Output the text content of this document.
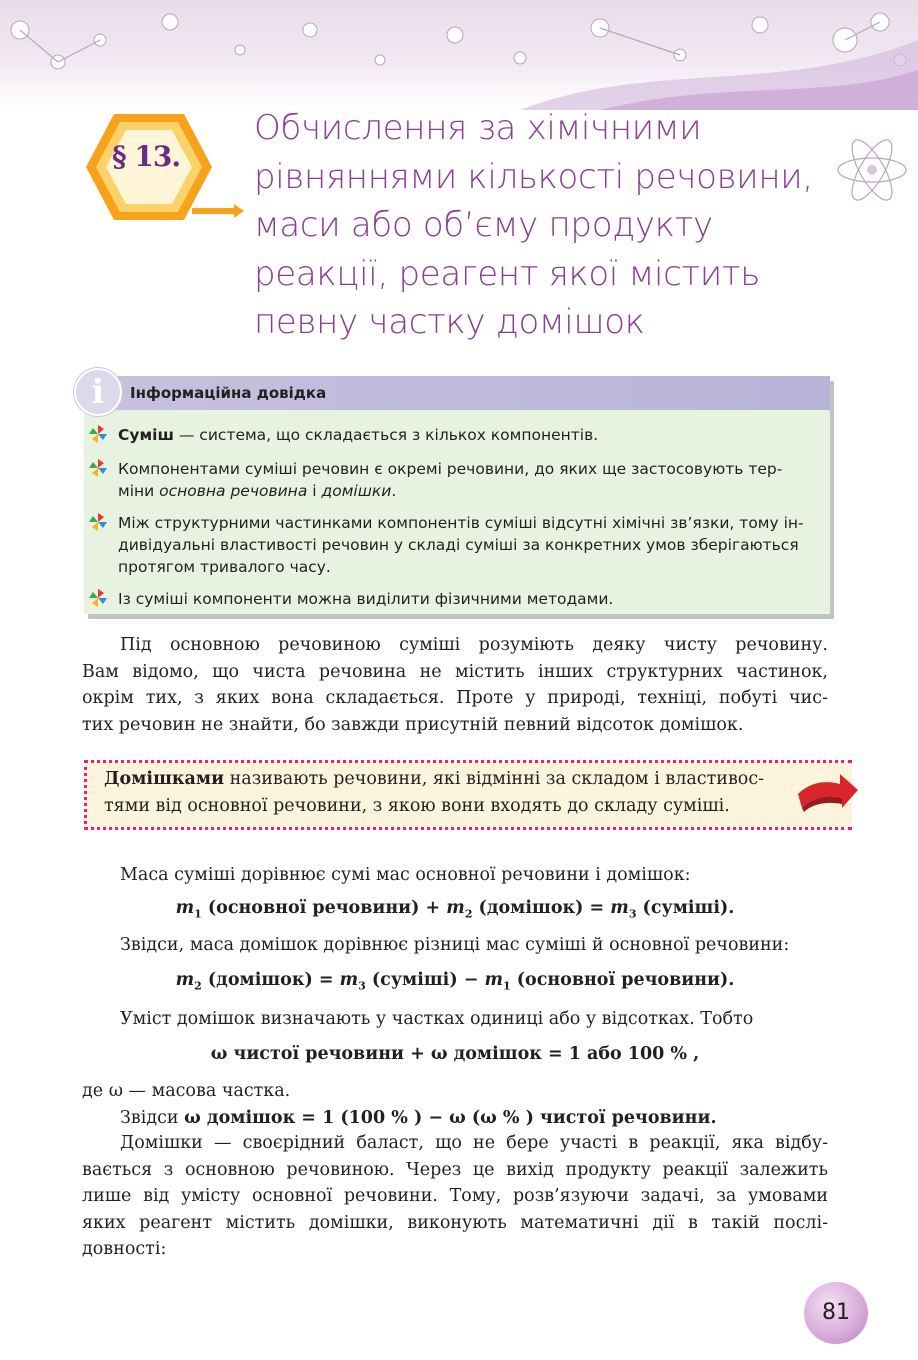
§ 13.
Обчислення за хімічними
рівняннями кількості речовини,
маси або об’єму продукту
реакції, реагент якої містить
певну частку домішок
Інформаційна довідка
i
Суміш — система, що складається з кількох компонентів.
Компонентами суміші речовин є окремі речовини, до яких ще застосовують тер-
міни основна речовина і домішки.
Між структурними частинками компонентів суміші відсутні хімічні зв’язки, тому ін-
дивідуальні властивості речовин у складі суміші за конкретних умов зберігаються
протягом тривалого часу.
Із суміші компоненти можна виділити фізичними методами.

Під основною речовиною суміші розуміють деяку чисту речовину.
Вам відомо, що чиста речовина не містить інших структурних частинок,
окрім тих, з яких вона складається. Проте у природі, техніці, побуті чис-
тих речовин не знайти, бо завжди присутній певний відсоток домішок.

Домішками називають речовини, які відмінні за складом і властивос-
тями від основної речовини, з якою вони входять до складу суміші.
Маса суміші дорівнює сумі мас основної речовини і домішок:
$m_1$ (основної речовини) + $m_2$ (домішок) = $m_3$ (суміші).
Звідси, маса домішок дорівнює різниці мас суміші й основної речовини:
$m_2$ (домішок) = $m_3$ (суміші) − $m_1$ (основної речовини).
Уміст домішок визначають у частках одиниці або у відсотках. Тобто
ω чистої речовини + ω домішок = 1 або 100 % ,
де ω — масова частка.
Звідси ω домішок = 1 (100 % ) − ω (ω % ) чистої речовини.

Домішки — своєрідний баласт, що не бере участі в реакції, яка відбу-
вається з основною речовиною. Через це вихід продукту реакції залежить
лише від умісту основної речовини. Тому, розв’язуючи задачі, за умовами
яких реагент містить домішки, виконують математичні дії в такій послі-
довності:

81
